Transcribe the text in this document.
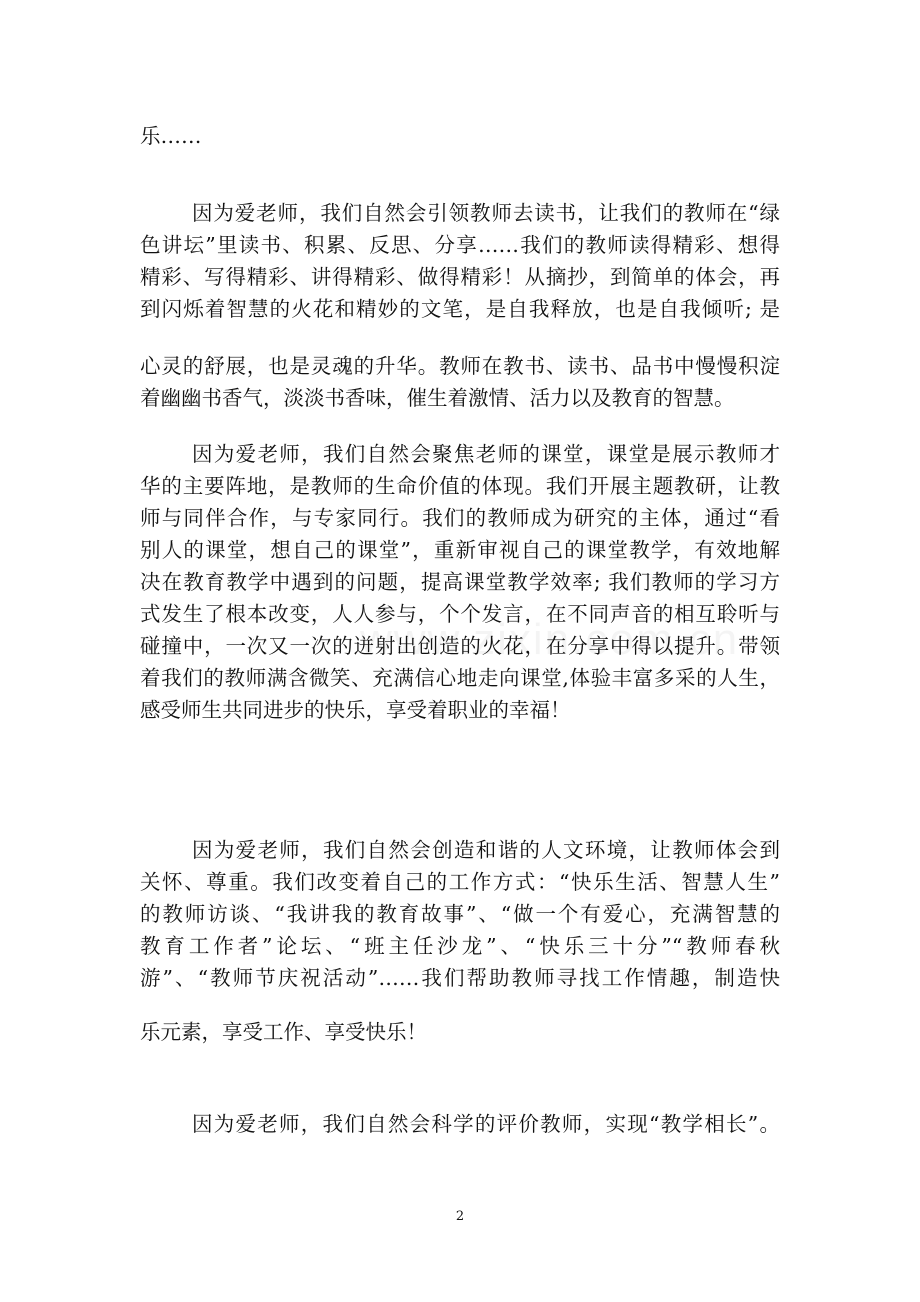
乐……
因为爱老师，我们自然会引领教师去读书，让我们的教师在“绿
色讲坛”里读书、积累、反思、分享……我们的教师读得精彩、想得
精彩、写得精彩、讲得精彩、做得精彩！从摘抄，到简单的体会，再
到闪烁着智慧的火花和精妙的文笔，是自我释放，也是自我倾听; 是
心灵的舒展，也是灵魂的升华。教师在教书、读书、品书中慢慢积淀
着幽幽书香气，淡淡书香味，催生着激情、活力以及教育的智慧。
因为爱老师，我们自然会聚焦老师的课堂，课堂是展示教师才
华的主要阵地，是教师的生命价值的体现。我们开展主题教研，让教
师与同伴合作，与专家同行。我们的教师成为研究的主体，通过“看
别人的课堂，想自己的课堂”，重新审视自己的课堂教学，有效地解
决在教育教学中遇到的问题，提高课堂教学效率; 我们教师的学习方
式发生了根本改变，人人参与，个个发言，在不同声音的相互聆听与
碰撞中，一次又一次的迸射出创造的火花，在分享中得以提升。带领
着我们的教师满含微笑、充满信心地走向课堂,体验丰富多采的人生，
感受师生共同进步的快乐，享受着职业的幸福！
因为爱老师，我们自然会创造和谐的人文环境，让教师体会到
关怀、尊重。我们改变着自己的工作方式：“快乐生活、智慧人生”
的教师访谈、“我讲我的教育故事”、“做一个有爱心，充满智慧的
教育工作者”论坛、“班主任沙龙”、“快乐三十分”“教师春秋
游”、“教师节庆祝活动”……我们帮助教师寻找工作情趣，制造快
乐元素，享受工作、享受快乐！
因为爱老师，我们自然会科学的评价教师，实现“教学相长”。
2
